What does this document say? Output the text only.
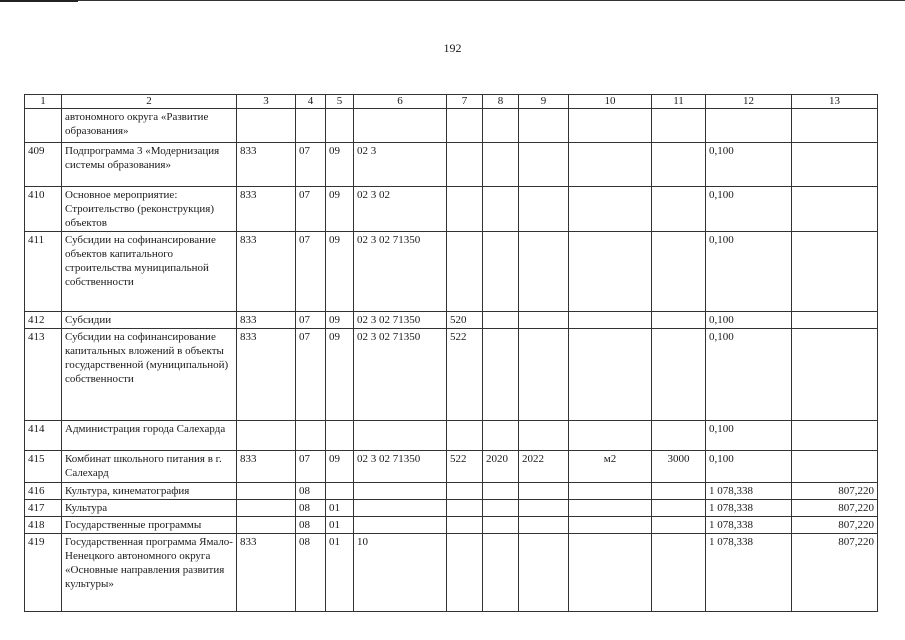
192
1	2	3	4	5	6	7	8	9	10	11	12	13
	автономного округа «Развитие образования»											
409	Подпрограмма 3 «Модернизация системы образования»	833	07	09	02 3						0,100	
410	Основное мероприятие: Строительство (реконструкция) объектов	833	07	09	02 3 02						0,100	
411	Субсидии на софинансирование объектов капитального строительства муниципальной собственности	833	07	09	02 3 02 71350						0,100	
412	Субсидии	833	07	09	02 3 02 71350	520					0,100	
413	Субсидии на софинансирование капитальных вложений в объекты государственной (муниципальной) собственности	833	07	09	02 3 02 71350	522					0,100	
414	Администрация города Салехарда										0,100	
415	Комбинат школьного питания в г. Салехард	833	07	09	02 3 02 71350	522	2020	2022	м2	3000	0,100	
416	Культура, кинематография		08								1 078,338	807,220
417	Культура		08	01							1 078,338	807,220
418	Государственные программы		08	01							1 078,338	807,220
419	Государственная программа Ямало-Ненецкого автономного округа «Основные направления развития культуры»	833	08	01	10						1 078,338	807,220
